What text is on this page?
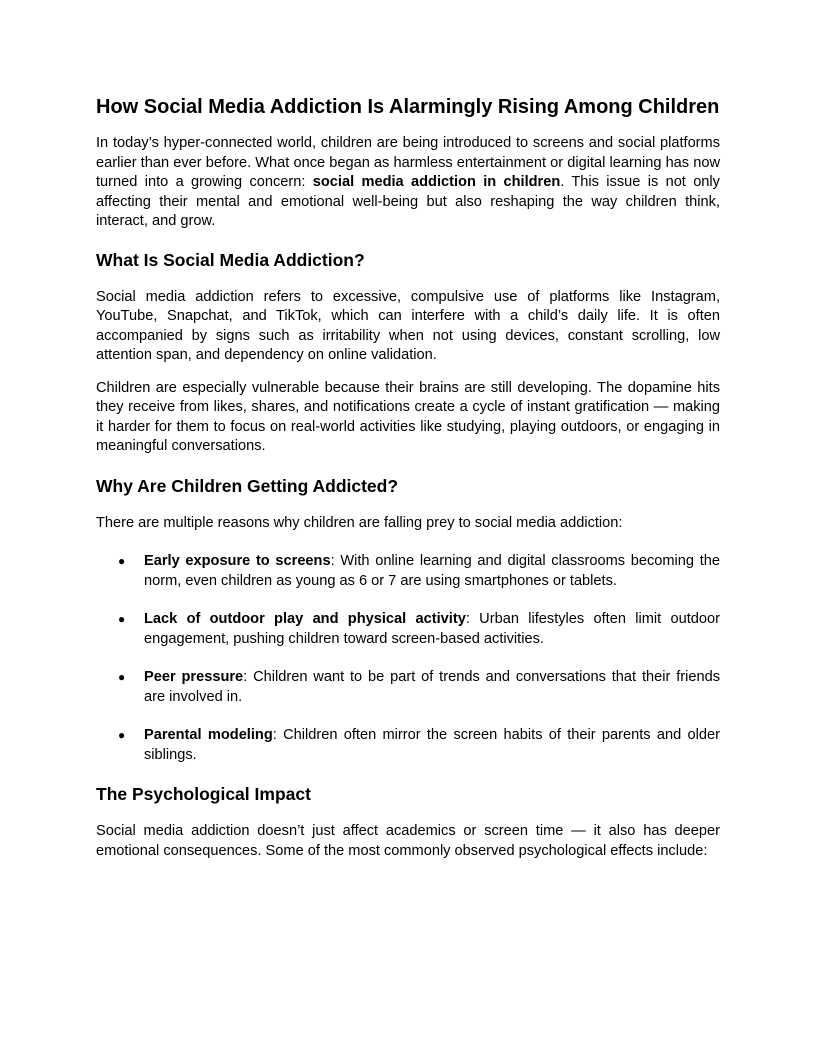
How Social Media Addiction Is Alarmingly Rising Among Children

In today’s hyper-connected world, children are being introduced to screens and social platforms earlier than ever before. What once began as harmless entertainment or digital learning has now turned into a growing concern: social media addiction in children. This issue is not only affecting their mental and emotional well-being but also reshaping the way children think, interact, and grow.

What Is Social Media Addiction?

Social media addiction refers to excessive, compulsive use of platforms like Instagram, YouTube, Snapchat, and TikTok, which can interfere with a child’s daily life. It is often accompanied by signs such as irritability when not using devices, constant scrolling, low attention span, and dependency on online validation.

Children are especially vulnerable because their brains are still developing. The dopamine hits they receive from likes, shares, and notifications create a cycle of instant gratification — making it harder for them to focus on real-world activities like studying, playing outdoors, or engaging in meaningful conversations.

Why Are Children Getting Addicted?

There are multiple reasons why children are falling prey to social media addiction:

● Early exposure to screens: With online learning and digital classrooms becoming the norm, even children as young as 6 or 7 are using smartphones or tablets.
● Lack of outdoor play and physical activity: Urban lifestyles often limit outdoor engagement, pushing children toward screen-based activities.
● Peer pressure: Children want to be part of trends and conversations that their friends are involved in.
● Parental modeling: Children often mirror the screen habits of their parents and older siblings.
The Psychological Impact

Social media addiction doesn’t just affect academics or screen time — it also has deeper emotional consequences. Some of the most commonly observed psychological effects include:
